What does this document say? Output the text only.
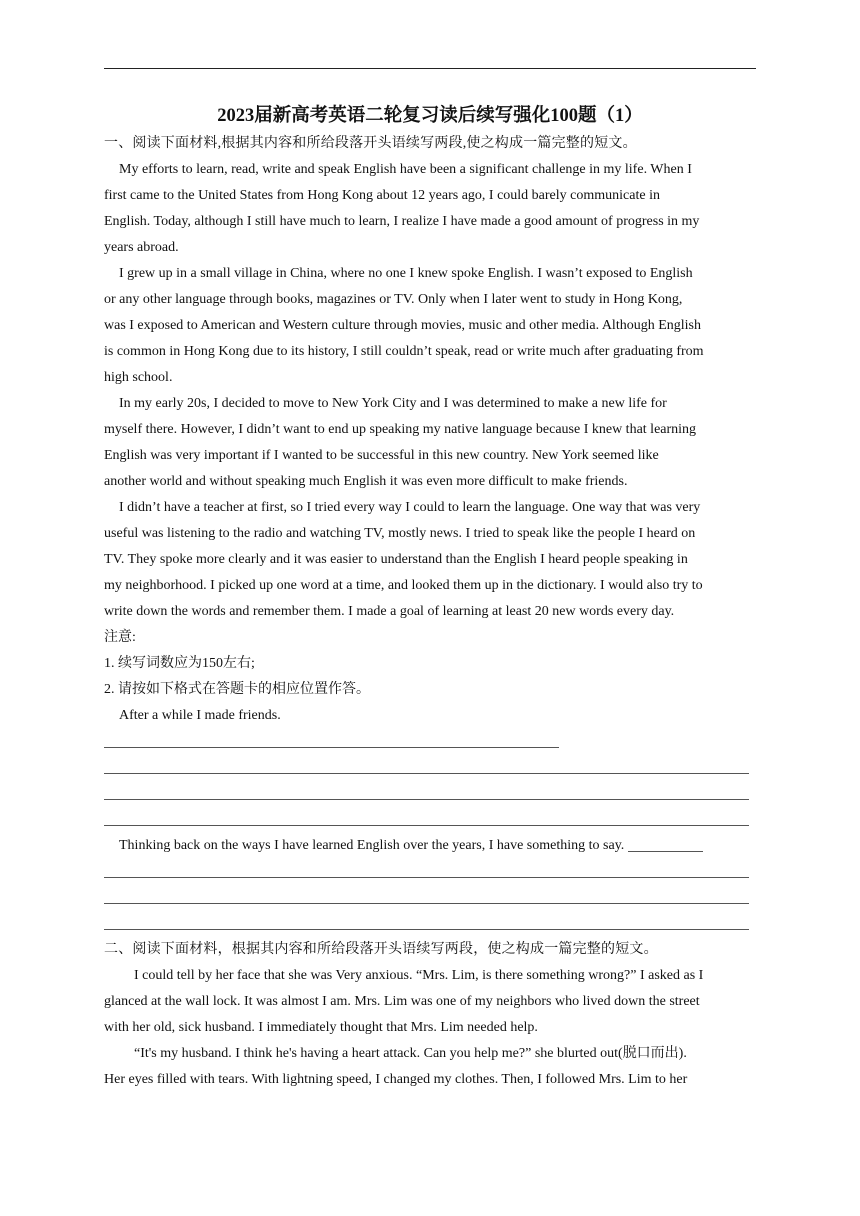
2023届新高考英语二轮复习读后续写强化100题（1）
一、阅读下面材料,根据其内容和所给段落开头语续写两段,使之构成一篇完整的短文。
My efforts to learn, read, write and speak English have been a significant challenge in my life. When I
first came to the United States from Hong Kong about 12 years ago, I could barely communicate in
English. Today, although I still have much to learn, I realize I have made a good amount of progress in my
years abroad.
I grew up in a small village in China, where no one I knew spoke English. I wasn’t exposed to English
or any other language through books, magazines or TV. Only when I later went to study in Hong Kong,
was I exposed to American and Western culture through movies, music and other media. Although English
is common in Hong Kong due to its history, I still couldn’t speak, read or write much after graduating from
high school.
In my early 20s, I decided to move to New York City and I was determined to make a new life for
myself there. However, I didn’t want to end up speaking my native language because I knew that learning
English was very important if I wanted to be successful in this new country. New York seemed like
another world and without speaking much English it was even more difficult to make friends.
I didn’t have a teacher at first, so I tried every way I could to learn the language. One way that was very
useful was listening to the radio and watching TV, mostly news. I tried to speak like the people I heard on
TV. They spoke more clearly and it was easier to understand than the English I heard people speaking in
my neighborhood. I picked up one word at a time, and looked them up in the dictionary. I would also try to
write down the words and remember them. I made a goal of learning at least 20 new words every day.
注意:
1. 续写词数应为150左右;
2. 请按如下格式在答题卡的相应位置作答。
After a while I made friends.
Thinking back on the ways I have learned English over the years, I have something to say.
二、阅读下面材料，根据其内容和所给段落开头语续写两段，使之构成一篇完整的短文。
I could tell by her face that she was Very anxious. “Mrs. Lim, is there something wrong?” I asked as I
glanced at the wall lock. It was almost I am. Mrs. Lim was one of my neighbors who lived down the street
with her old, sick husband. I immediately thought that Mrs. Lim needed help.
“It's my husband. I think he's having a heart attack. Can you help me?” she blurted out(脱口而出).
Her eyes filled with tears. With lightning speed, I changed my clothes. Then, I followed Mrs. Lim to her
